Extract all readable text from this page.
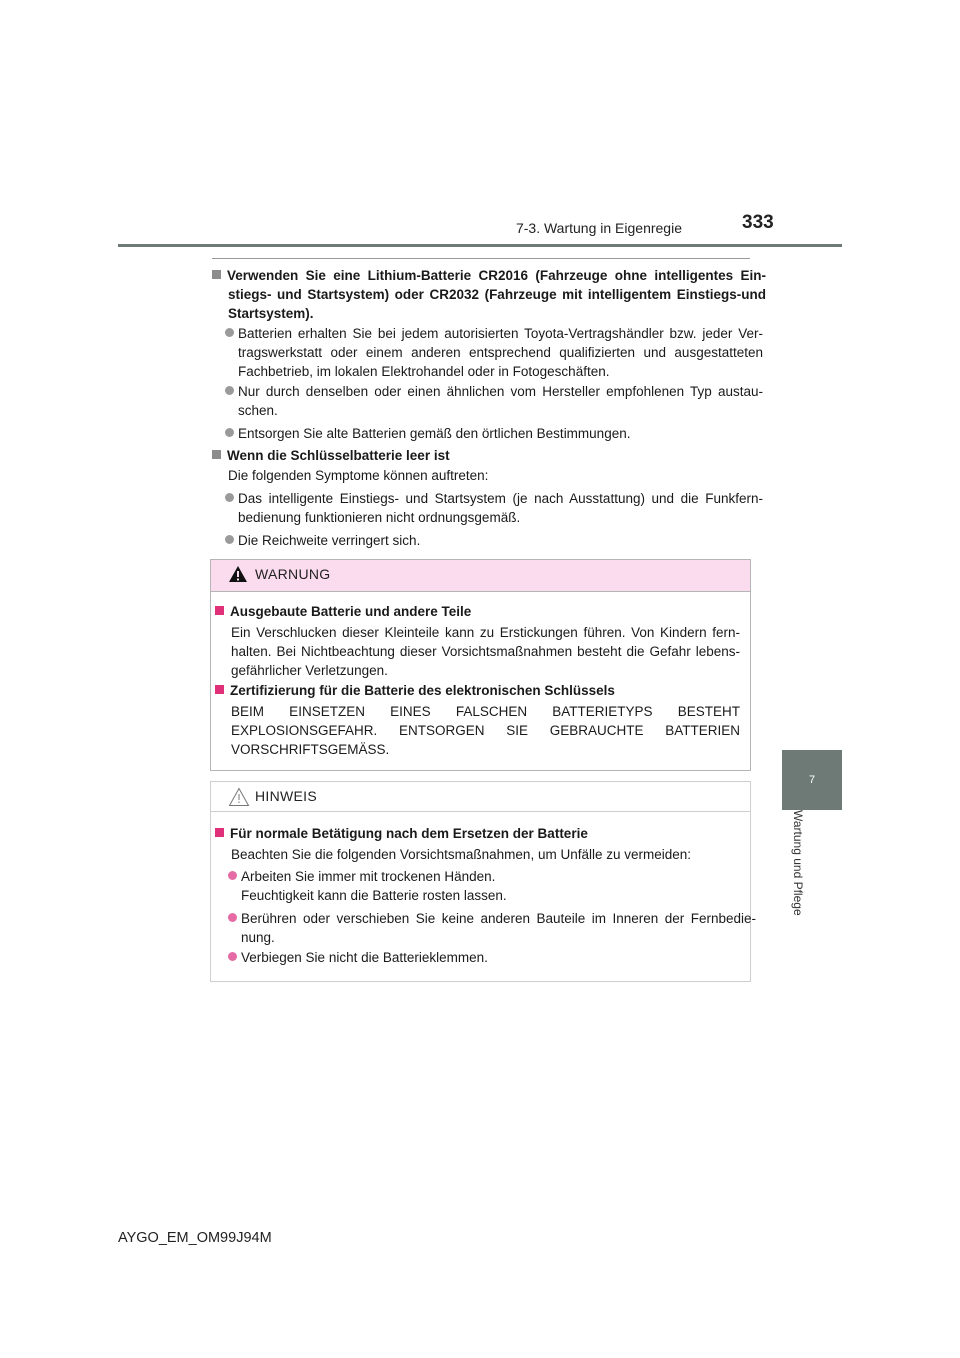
7-3. Wartung in Eigenregie	333
7
Wartung und Pflege
Verwenden Sie eine Lithium-Batterie CR2016 (Fahrzeuge ohne intelligentes Ein-stiegs- und Startsystem) oder CR2032 (Fahrzeuge mit intelligentem Einstiegs-und Startsystem).
Batterien erhalten Sie bei jedem autorisierten Toyota-Vertragshändler bzw. jeder Ver-tragswerkstatt oder einem anderen entsprechend qualifizierten und ausgestatteten Fachbetrieb, im lokalen Elektrohandel oder in Fotogeschäften.
Nur durch denselben oder einen ähnlichen vom Hersteller empfohlenen Typ austau-schen.
Entsorgen Sie alte Batterien gemäß den örtlichen Bestimmungen.
Wenn die Schlüsselbatterie leer ist
Die folgenden Symptome können auftreten:
Das intelligente Einstiegs- und Startsystem (je nach Ausstattung) und die Funkfern-bedienung funktionieren nicht ordnungsgemäß.
Die Reichweite verringert sich.
WARNUNG
Ausgebaute Batterie und andere Teile
Ein Verschlucken dieser Kleinteile kann zu Erstickungen führen. Von Kindern fern-halten. Bei Nichtbeachtung dieser Vorsichtsmaßnahmen besteht die Gefahr lebens-gefährlicher Verletzungen.
Zertifizierung für die Batterie des elektronischen Schlüssels
BEIM EINSETZEN EINES FALSCHEN BATTERIETYPS BESTEHT EXPLOSIONSGEFAHR. ENTSORGEN SIE GEBRAUCHTE BATTERIEN VORSCHRIFTSGEMÄSS.
HINWEIS
Für normale Betätigung nach dem Ersetzen der Batterie
Beachten Sie die folgenden Vorsichtsmaßnahmen, um Unfälle zu vermeiden:
Arbeiten Sie immer mit trockenen Händen.
Feuchtigkeit kann die Batterie rosten lassen.
Berühren oder verschieben Sie keine anderen Bauteile im Inneren der Fernbedie-nung.
Verbiegen Sie nicht die Batterieklemmen.
AYGO_EM_OM99J94M
